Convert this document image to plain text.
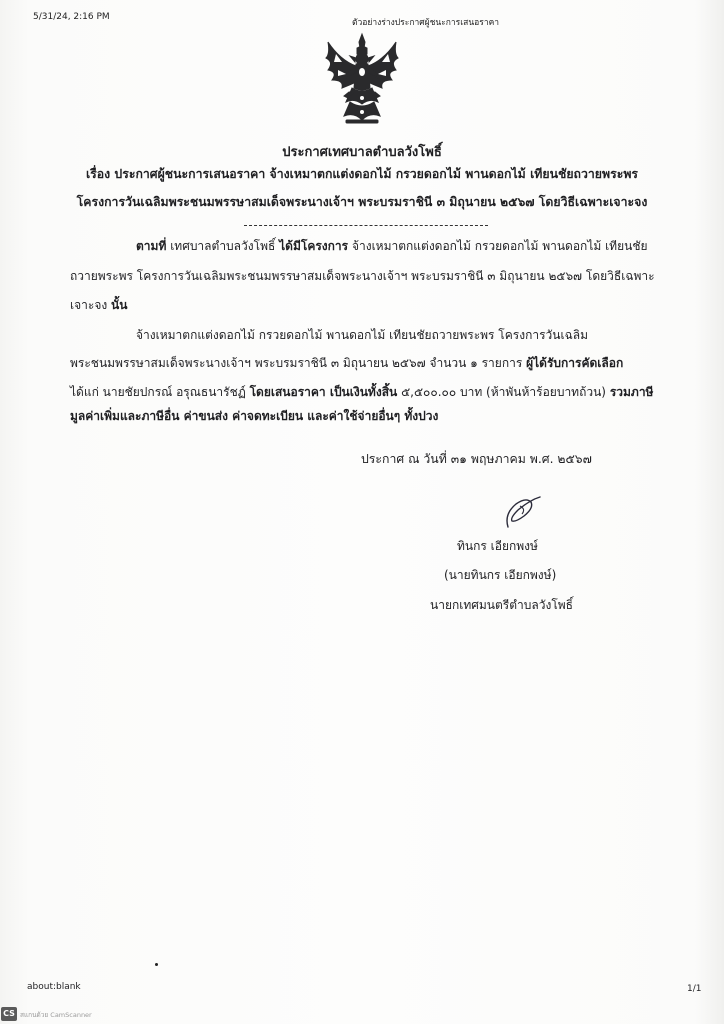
5/31/24, 2:16 PM
ตัวอย่างร่างประกาศผู้ชนะการเสนอราคา
ประกาศเทศบาลตำบลวังโพธิ์
เรื่อง ประกาศผู้ชนะการเสนอราคา จ้างเหมาตกแต่งดอกไม้ กรวยดอกไม้ พานดอกไม้ เทียนชัยถวายพระพร
โครงการวันเฉลิมพระชนมพรรษาสมเด็จพระนางเจ้าฯ พระบรมราชินี ๓ มิถุนายน ๒๕๖๗ โดยวิธีเฉพาะเจาะจง
ตามที่ เทศบาลตำบลวังโพธิ์ ได้มีโครงการ จ้างเหมาตกแต่งดอกไม้ กรวยดอกไม้ พานดอกไม้ เทียนชัย
ถวายพระพร โครงการวันเฉลิมพระชนมพรรษาสมเด็จพระนางเจ้าฯ พระบรมราชินี ๓ มิถุนายน ๒๕๖๗ โดยวิธีเฉพาะ
เจาะจง นั้น
จ้างเหมาตกแต่งดอกไม้ กรวยดอกไม้ พานดอกไม้ เทียนชัยถวายพระพร โครงการวันเฉลิม
พระชนมพรรษาสมเด็จพระนางเจ้าฯ พระบรมราชินี ๓ มิถุนายน ๒๕๖๗ จำนวน ๑ รายการ ผู้ได้รับการคัดเลือก
ได้แก่ นายชัยปกรณ์ อรุณธนารัชฏ์ โดยเสนอราคา เป็นเงินทั้งสิ้น ๕,๕๐๐.๐๐ บาท (ห้าพันห้าร้อยบาทถ้วน) รวมภาษี
มูลค่าเพิ่มและภาษีอื่น ค่าขนส่ง ค่าจดทะเบียน และค่าใช้จ่ายอื่นๆ ทั้งปวง
ประกาศ ณ วันที่ ๓๑ พฤษภาคม พ.ศ. ๒๕๖๗
ทินกร เอียกพงษ์
(นายทินกร เอียกพงษ์)
นายกเทศมนตรีตำบลวังโพธิ์
about:blank	1/1
CS สแกนด้วย CamScanner
